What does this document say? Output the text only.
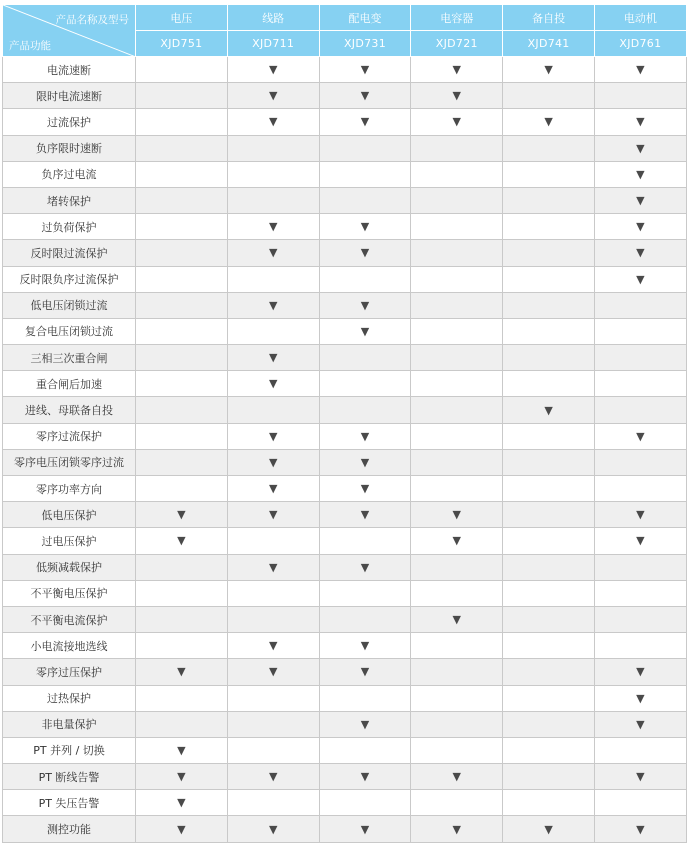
产品名称及型号
产品功能	电压	线路	配电变	电容器	备自投	电动机
	XJD751	XJD711	XJD731	XJD721	XJD741	XJD761
电流速断		▼	▼	▼	▼	▼
限时电流速断		▼	▼	▼		
过流保护		▼	▼	▼	▼	▼
负序限时速断						▼
负序过电流						▼
堵转保护						▼
过负荷保护		▼	▼			▼
反时限过流保护		▼	▼			▼
反时限负序过流保护						▼
低电压闭锁过流		▼	▼			
复合电压闭锁过流			▼			
三相三次重合闸		▼				
重合闸后加速		▼				
进线、母联备自投					▼	
零序过流保护		▼	▼			▼
零序电压闭锁零序过流		▼	▼			
零序功率方向		▼	▼			
低电压保护	▼	▼	▼	▼		▼
过电压保护	▼			▼		▼
低频减载保护		▼	▼			
不平衡电压保护						
不平衡电流保护				▼		
小电流接地选线		▼	▼			
零序过压保护	▼	▼	▼			▼
过热保护						▼
非电量保护			▼			▼
PT 并列 / 切换	▼					
PT 断线告警	▼	▼	▼	▼		▼
PT 失压告警	▼					
测控功能	▼	▼	▼	▼	▼	▼
